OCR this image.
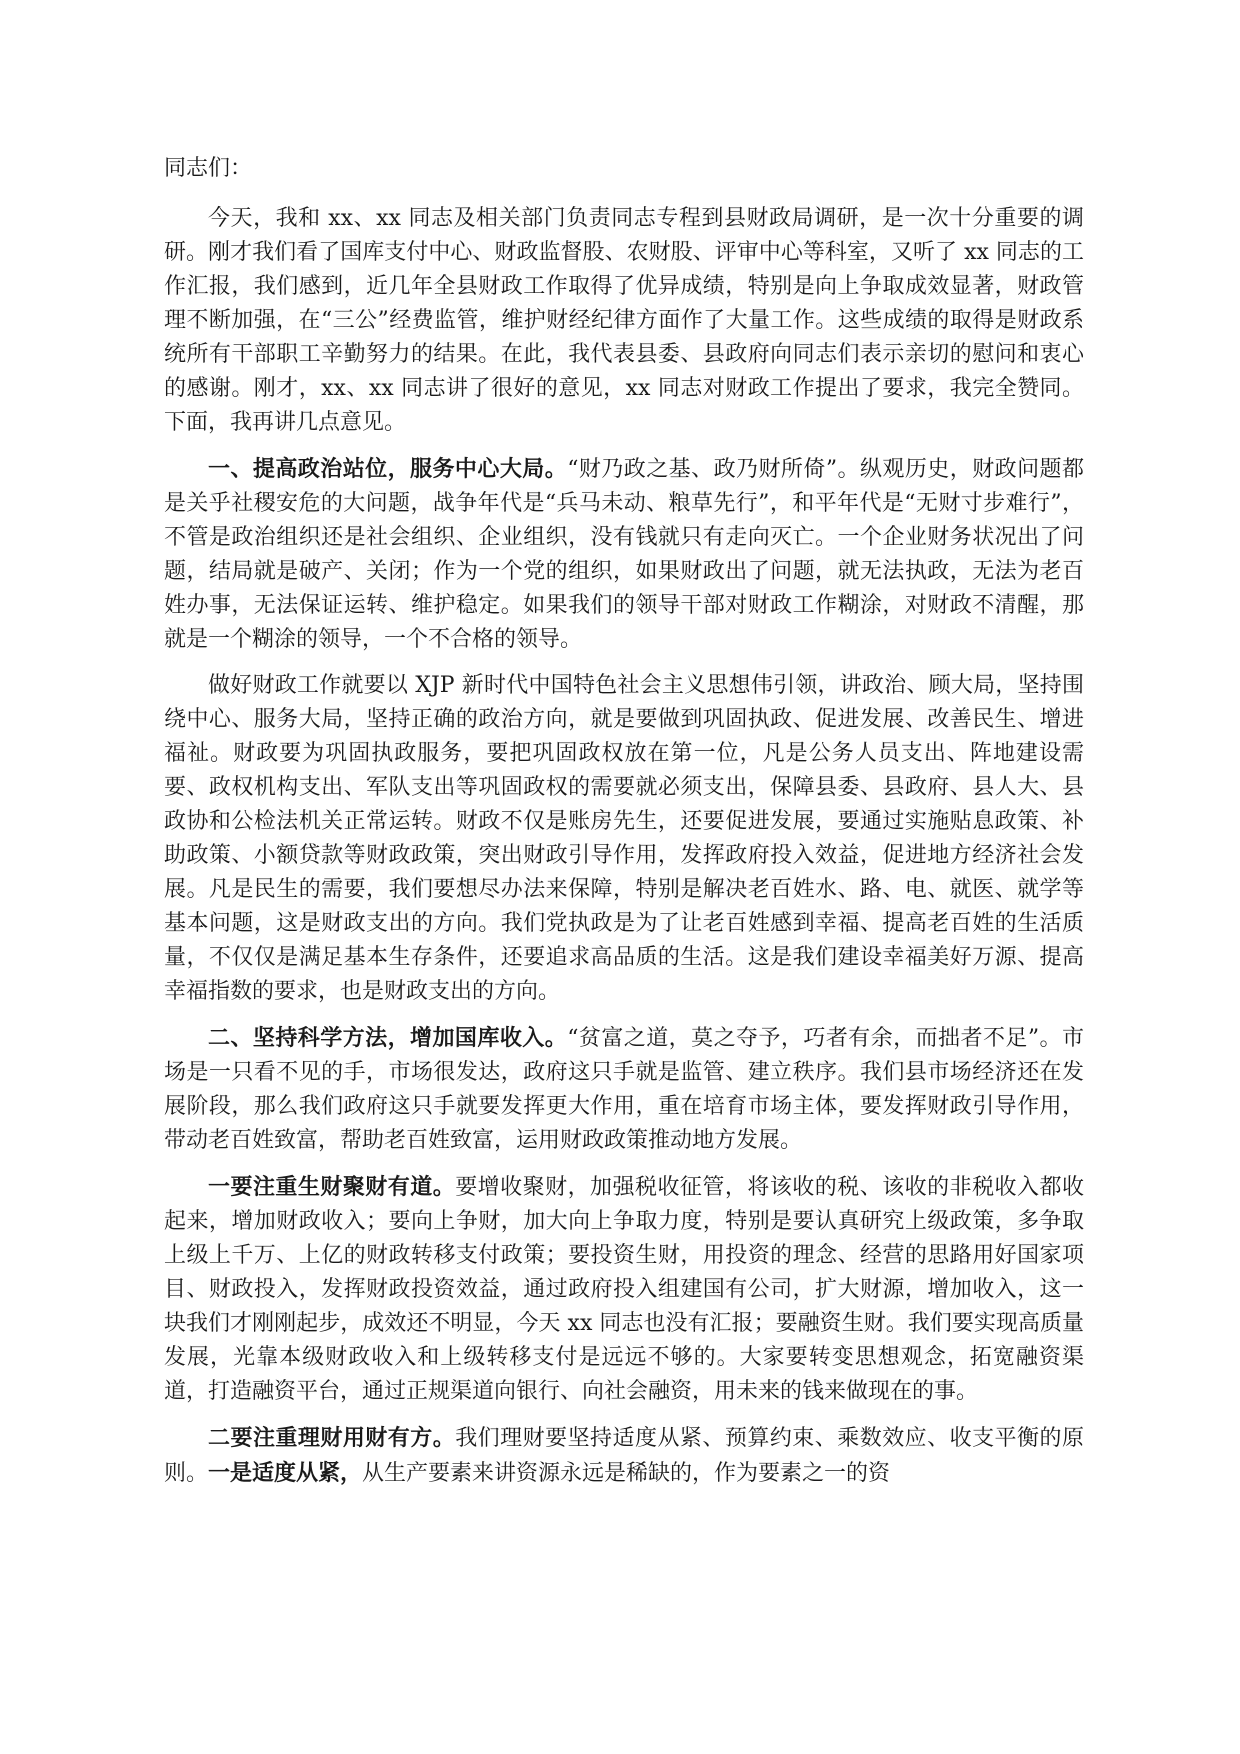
同志们：

今天，我和 xx、xx 同志及相关部门负责同志专程到县财政局调研，是一次十分重要的调研。刚才我们看了国库支付中心、财政监督股、农财股、评审中心等科室，又听了 xx 同志的工作汇报，我们感到，近几年全县财政工作取得了优异成绩，特别是向上争取成效显著，财政管理不断加强，在“三公”经费监管，维护财经纪律方面作了大量工作。这些成绩的取得是财政系统所有干部职工辛勤努力的结果。在此，我代表县委、县政府向同志们表示亲切的慰问和衷心的感谢。刚才，xx、xx 同志讲了很好的意见，xx 同志对财政工作提出了要求，我完全赞同。下面，我再讲几点意见。

一、提高政治站位，服务中心大局。“财乃政之基、政乃财所倚”。纵观历史，财政问题都是关乎社稷安危的大问题，战争年代是“兵马未动、粮草先行”，和平年代是“无财寸步难行”，不管是政治组织还是社会组织、企业组织，没有钱就只有走向灭亡。一个企业财务状况出了问题，结局就是破产、关闭；作为一个党的组织，如果财政出了问题，就无法执政，无法为老百姓办事，无法保证运转、维护稳定。如果我们的领导干部对财政工作糊涂，对财政不清醒，那就是一个糊涂的领导，一个不合格的领导。

做好财政工作就要以 XJP 新时代中国特色社会主义思想伟引领，讲政治、顾大局，坚持围绕中心、服务大局，坚持正确的政治方向，就是要做到巩固执政、促进发展、改善民生、增进福祉。财政要为巩固执政服务，要把巩固政权放在第一位，凡是公务人员支出、阵地建设需要、政权机构支出、军队支出等巩固政权的需要就必须支出，保障县委、县政府、县人大、县政协和公检法机关正常运转。财政不仅是账房先生，还要促进发展，要通过实施贴息政策、补助政策、小额贷款等财政政策，突出财政引导作用，发挥政府投入效益，促进地方经济社会发展。凡是民生的需要，我们要想尽办法来保障，特别是解决老百姓水、路、电、就医、就学等基本问题，这是财政支出的方向。我们党执政是为了让老百姓感到幸福、提高老百姓的生活质量，不仅仅是满足基本生存条件，还要追求高品质的生活。这是我们建设幸福美好万源、提高幸福指数的要求，也是财政支出的方向。

二、坚持科学方法，增加国库收入。“贫富之道，莫之夺予，巧者有余，而拙者不足”。市场是一只看不见的手，市场很发达，政府这只手就是监管、建立秩序。我们县市场经济还在发展阶段，那么我们政府这只手就要发挥更大作用，重在培育市场主体，要发挥财政引导作用，带动老百姓致富，帮助老百姓致富，运用财政政策推动地方发展。

一要注重生财聚财有道。要增收聚财，加强税收征管，将该收的税、该收的非税收入都收起来，增加财政收入；要向上争财，加大向上争取力度，特别是要认真研究上级政策，多争取上级上千万、上亿的财政转移支付政策；要投资生财，用投资的理念、经营的思路用好国家项目、财政投入，发挥财政投资效益，通过政府投入组建国有公司，扩大财源，增加收入，这一块我们才刚刚起步，成效还不明显，今天 xx 同志也没有汇报；要融资生财。我们要实现高质量发展，光靠本级财政收入和上级转移支付是远远不够的。大家要转变思想观念，拓宽融资渠道，打造融资平台，通过正规渠道向银行、向社会融资，用未来的钱来做现在的事。

二要注重理财用财有方。我们理财要坚持适度从紧、预算约束、乘数效应、收支平衡的原则。一是适度从紧，从生产要素来讲资源永远是稀缺的，作为要素之一的资
